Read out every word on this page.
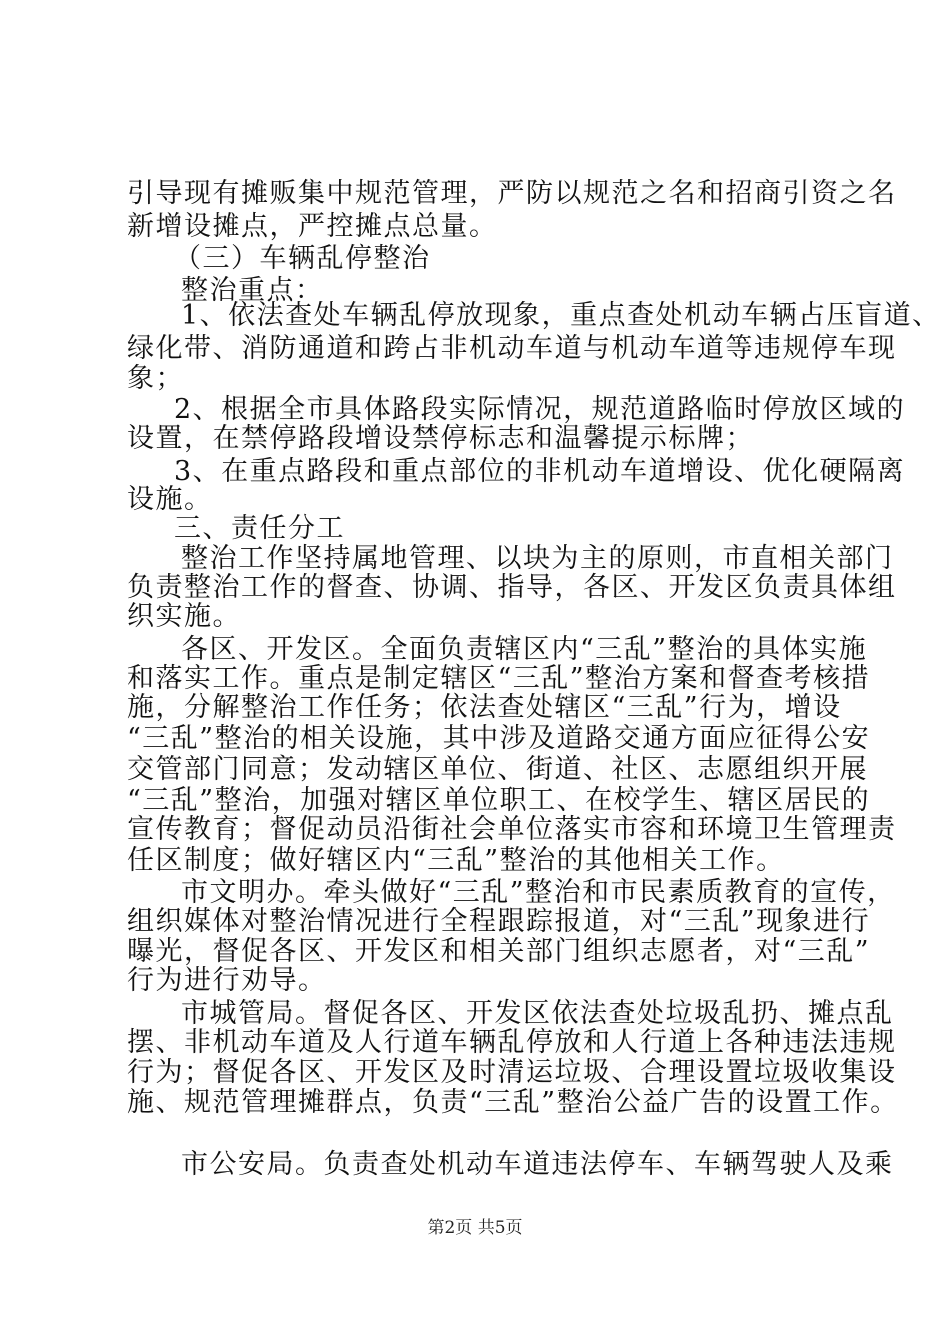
引导现有摊贩集中规范管理，严防以规范之名和招商引资之名
新增设摊点，严控摊点总量。
（三）车辆乱停整治
整治重点：
1、依法查处车辆乱停放现象，重点查处机动车辆占压盲道、
绿化带、消防通道和跨占非机动车道与机动车道等违规停车现
象；
2、根据全市具体路段实际情况，规范道路临时停放区域的
设置，在禁停路段增设禁停标志和温馨提示标牌；
3、在重点路段和重点部位的非机动车道增设、优化硬隔离
设施。
三、责任分工
整治工作坚持属地管理、以块为主的原则，市直相关部门
负责整治工作的督查、协调、指导，各区、开发区负责具体组
织实施。
各区、开发区。全面负责辖区内“三乱”整治的具体实施
和落实工作。重点是制定辖区“三乱”整治方案和督查考核措
施，分解整治工作任务；依法查处辖区“三乱”行为，增设
“三乱”整治的相关设施，其中涉及道路交通方面应征得公安
交管部门同意；发动辖区单位、街道、社区、志愿组织开展
“三乱”整治，加强对辖区单位职工、在校学生、辖区居民的
宣传教育；督促动员沿街社会单位落实市容和环境卫生管理责
任区制度；做好辖区内“三乱”整治的其他相关工作。
市文明办。牵头做好“三乱”整治和市民素质教育的宣传，
组织媒体对整治情况进行全程跟踪报道，对“三乱”现象进行
曝光，督促各区、开发区和相关部门组织志愿者，对“三乱”
行为进行劝导。
市城管局。督促各区、开发区依法查处垃圾乱扔、摊点乱
摆、非机动车道及人行道车辆乱停放和人行道上各种违法违规
行为；督促各区、开发区及时清运垃圾、合理设置垃圾收集设
施、规范管理摊群点，负责“三乱”整治公益广告的设置工作。
市公安局。负责查处机动车道违法停车、车辆驾驶人及乘
第2页 共5页
